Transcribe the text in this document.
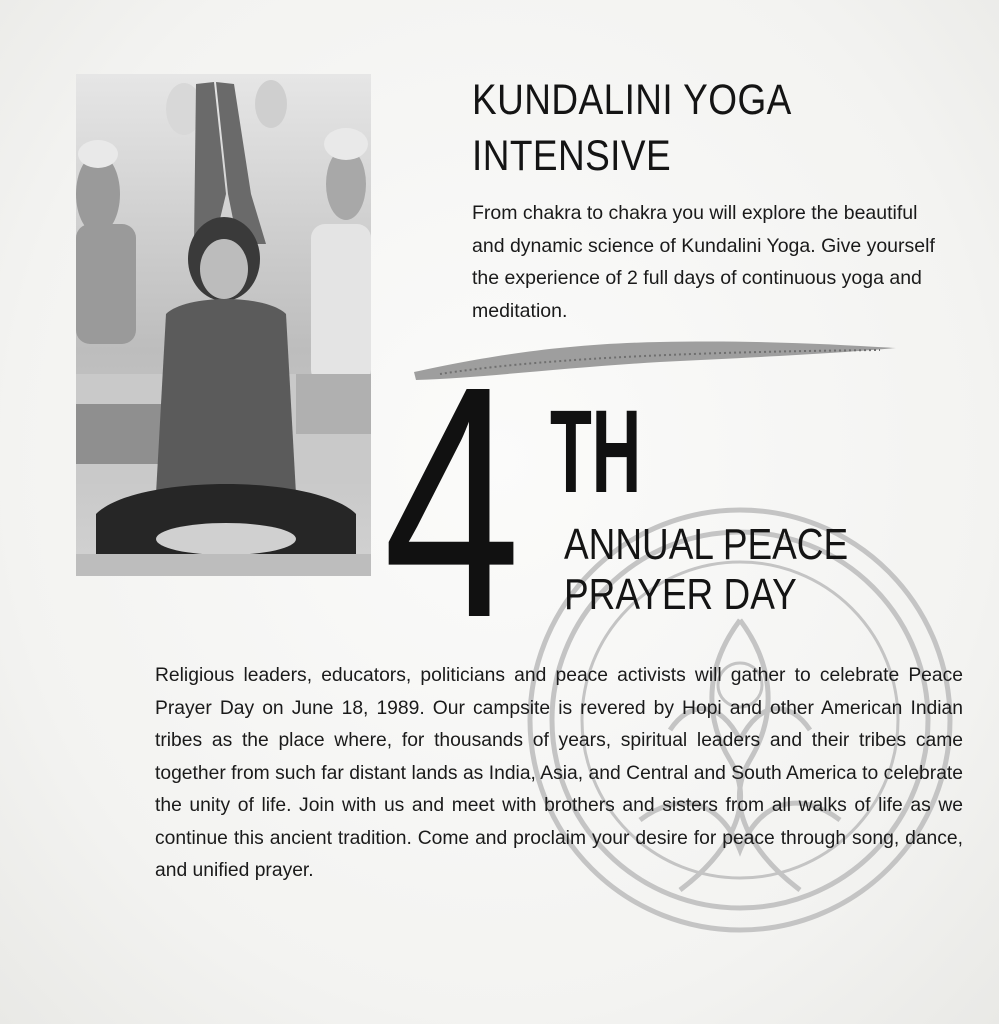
KUNDALINI YOGA
INTENSIVE

From chakra to chakra you will explore the beautiful and dynamic science of Kundalini Yoga. Give yourself the experience of 2 full days of continuous yoga and meditation.

4 TH
ANNUAL PEACE
PRAYER DAY

Religious leaders, educators, politicians and peace activists will gather to celebrate Peace Prayer Day on June 18, 1989. Our campsite is revered by Hopi and other American Indian tribes as the place where, for thousands of years, spiritual leaders and their tribes came together from such far distant lands as India, Asia, and Central and South America to celebrate the unity of life. Join with us and meet with brothers and sisters from all walks of life as we continue this ancient tradition. Come and proclaim your desire for peace through song, dance, and unified prayer.
